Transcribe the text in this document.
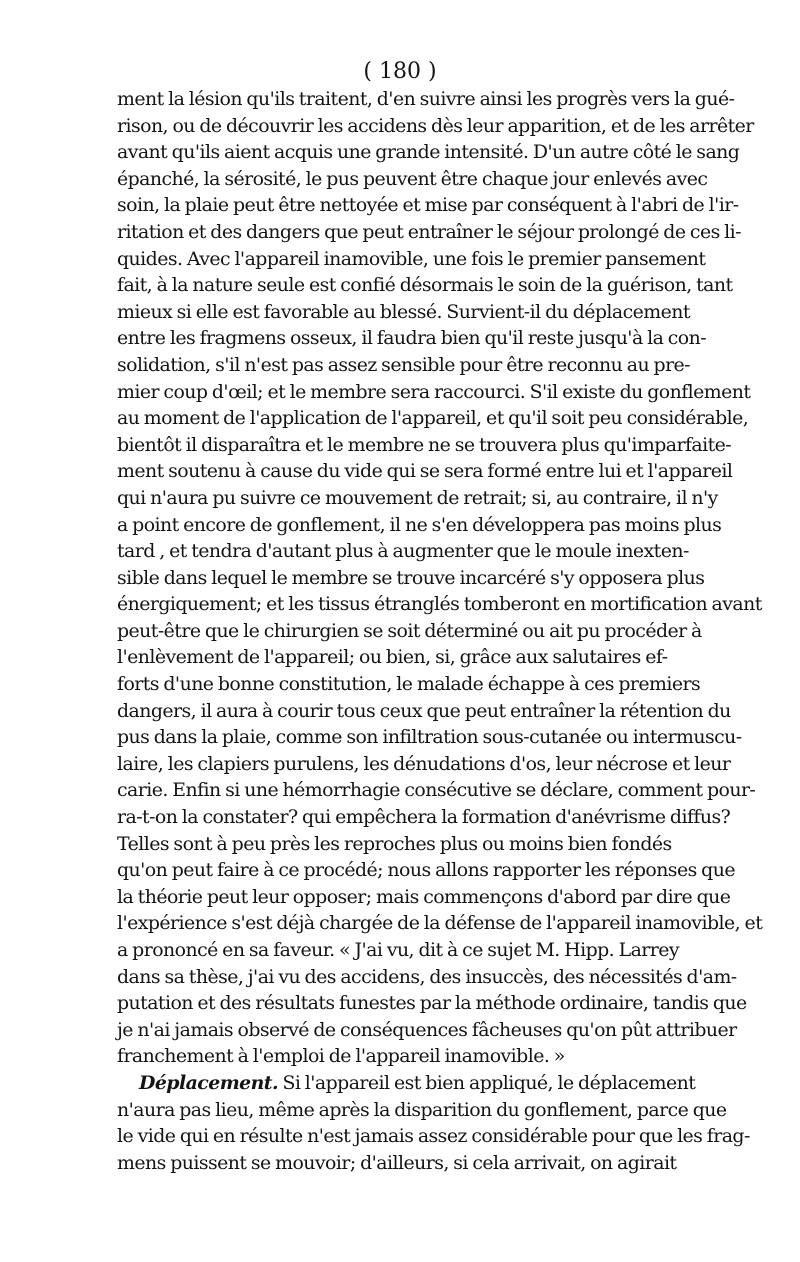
( 180 )
ment la lésion qu'ils traitent, d'en suivre ainsi les progrès vers la gué-
rison, ou de découvrir les accidens dès leur apparition, et de les arrêter
avant qu'ils aient acquis une grande intensité. D'un autre côté le sang
épanché, la sérosité, le pus peuvent être chaque jour enlevés avec
soin, la plaie peut être nettoyée et mise par conséquent à l'abri de l'ir-
ritation et des dangers que peut entraîner le séjour prolongé de ces li-
quides. Avec l'appareil inamovible, une fois le premier pansement
fait, à la nature seule est confié désormais le soin de la guérison, tant
mieux si elle est favorable au blessé. Survient-il du déplacement
entre les fragmens osseux, il faudra bien qu'il reste jusqu'à la con-
solidation, s'il n'est pas assez sensible pour être reconnu au pre-
mier coup d'œil; et le membre sera raccourci. S'il existe du gonflement
au moment de l'application de l'appareil, et qu'il soit peu considérable,
bientôt il disparaîtra et le membre ne se trouvera plus qu'imparfaite-
ment soutenu à cause du vide qui se sera formé entre lui et l'appareil
qui n'aura pu suivre ce mouvement de retrait; si, au contraire, il n'y
a point encore de gonflement, il ne s'en développera pas moins plus
tard , et tendra d'autant plus à augmenter que le moule inexten-
sible dans lequel le membre se trouve incarcéré s'y opposera plus
énergiquement; et les tissus étranglés tomberont en mortification avant
peut-être que le chirurgien se soit déterminé ou ait pu procéder à
l'enlèvement de l'appareil; ou bien, si, grâce aux salutaires ef-
forts d'une bonne constitution, le malade échappe à ces premiers
dangers, il aura à courir tous ceux que peut entraîner la rétention du
pus dans la plaie, comme son infiltration sous-cutanée ou intermuscu-
laire, les clapiers purulens, les dénudations d'os, leur nécrose et leur
carie. Enfin si une hémorrhagie consécutive se déclare, comment pour-
ra-t-on la constater? qui empêchera la formation d'anévrisme diffus?
Telles sont à peu près les reproches plus ou moins bien fondés
qu'on peut faire à ce procédé; nous allons rapporter les réponses que
la théorie peut leur opposer; mais commençons d'abord par dire que
l'expérience s'est déjà chargée de la défense de l'appareil inamovible, et
a prononcé en sa faveur. « J'ai vu, dit à ce sujet M. Hipp. Larrey
dans sa thèse, j'ai vu des accidens, des insuccès, des nécessités d'am-
putation et des résultats funestes par la méthode ordinaire, tandis que
je n'ai jamais observé de conséquences fâcheuses qu'on pût attribuer
franchement à l'emploi de l'appareil inamovible. »
Déplacement. Si l'appareil est bien appliqué, le déplacement
n'aura pas lieu, même après la disparition du gonflement, parce que
le vide qui en résulte n'est jamais assez considérable pour que les frag-
mens puissent se mouvoir; d'ailleurs, si cela arrivait, on agirait
